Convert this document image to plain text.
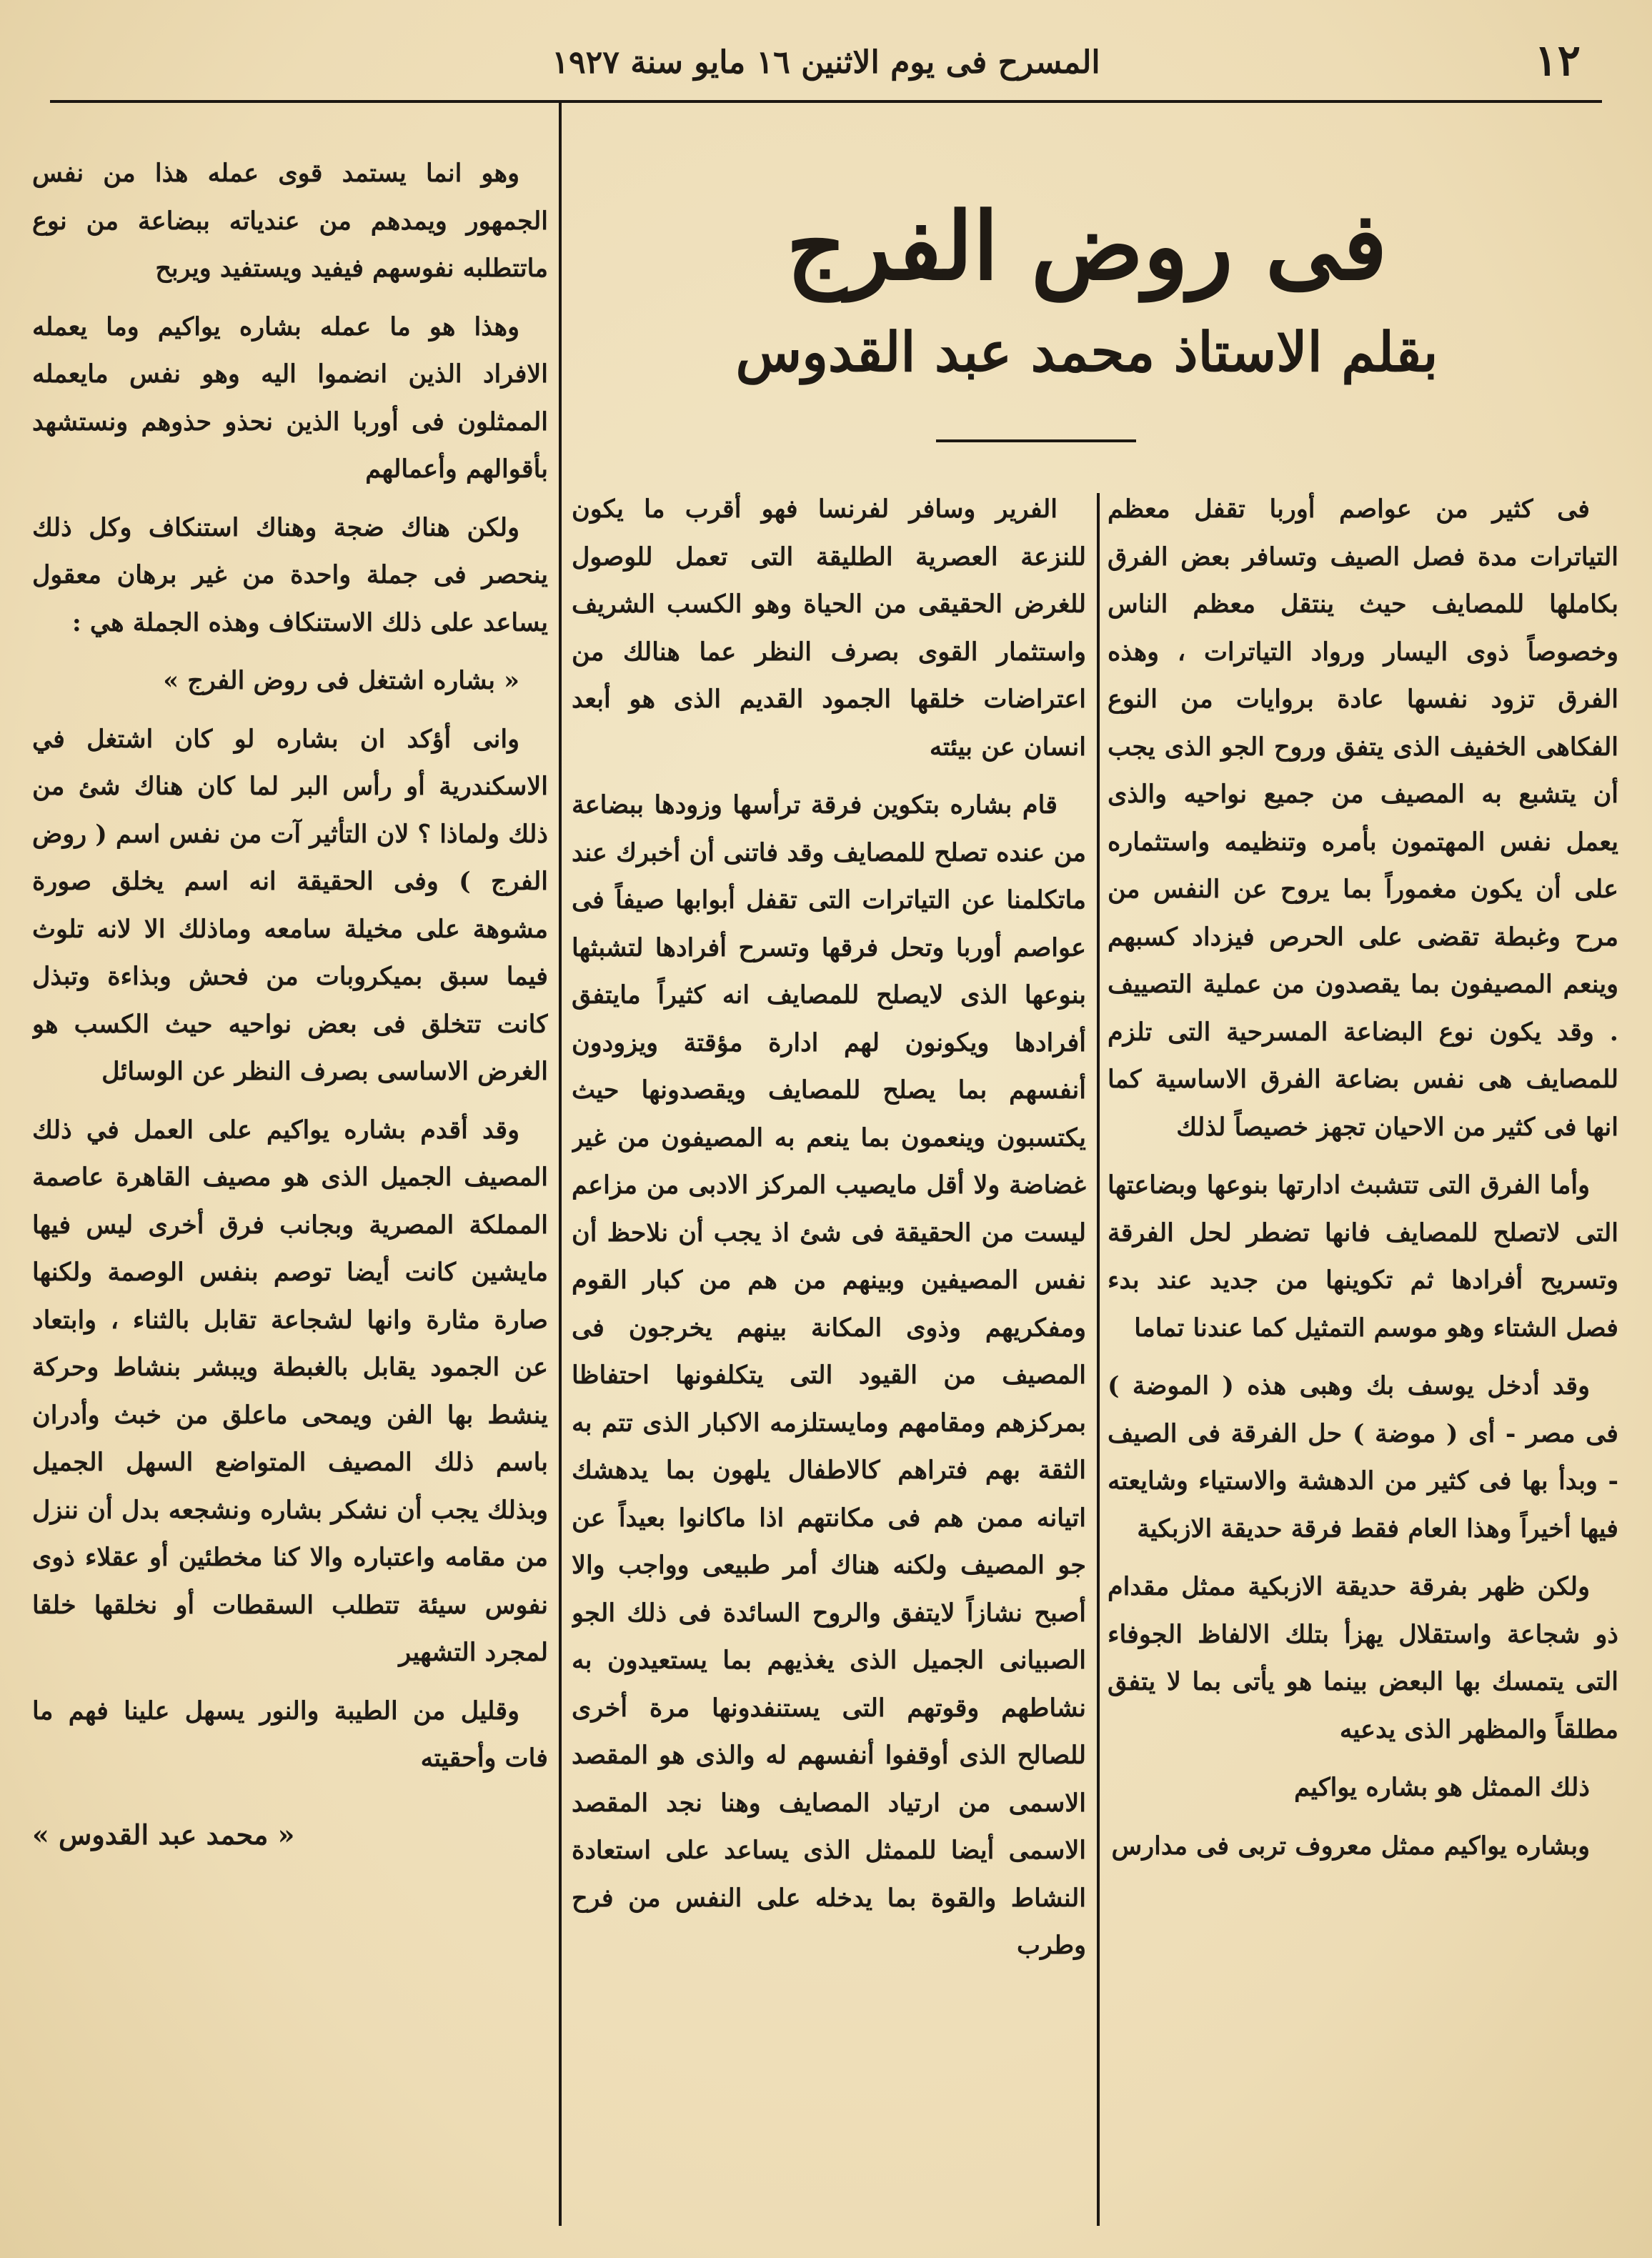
١٢
المسرح فى يوم الاثنين ١٦ مايو سنة ١٩٢٧
فى روض الفرج
بقلم الاستاذ محمد عبد القدوس

فى كثير من عواصم أوربا تقفل معظم التياترات مدة فصل الصيف وتسافر بعض الفرق بكاملها للمصايف حيث ينتقل معظم الناس وخصوصاً ذوى اليسار ورواد التياترات ، وهذه الفرق تزود نفسها عادة بروايات من النوع الفكاهى الخفيف الذى يتفق وروح الجو الذى يجب أن يتشبع به المصيف من جميع نواحيه والذى يعمل نفس المهتمون بأمره وتنظيمه واستثماره على أن يكون مغموراً بما يروح عن النفس من مرح وغبطة تقضى على الحرص فيزداد كسبهم وينعم المصيفون بما يقصدون من عملية التصييف . وقد يكون نوع البضاعة المسرحية التى تلزم للمصايف هى نفس بضاعة الفرق الاساسية كما انها فى كثير من الاحيان تجهز خصيصاً لذلك

وأما الفرق التى تتشبث ادارتها بنوعها وبضاعتها التى لاتصلح للمصايف فانها تضطر لحل الفرقة وتسريح أفرادها ثم تكوينها من جديد عند بدء فصل الشتاء وهو موسم التمثيل كما عندنا تماما

وقد أدخل يوسف بك وهبى هذه ( الموضة ) فى مصر - أى ( موضة ) حل الفرقة فى الصيف - وبدأ بها فى كثير من الدهشة والاستياء وشايعته فيها أخيراً وهذا العام فقط فرقة حديقة الازبكية

ولكن ظهر بفرقة حديقة الازبكية ممثل مقدام ذو شجاعة واستقلال يهزأ بتلك الالفاظ الجوفاء التى يتمسك بها البعض بينما هو يأتى بما لا يتفق مطلقاً والمظهر الذى يدعيه

ذلك الممثل هو بشاره يواكيم

وبشاره يواكيم ممثل معروف تربى فى مدارس

الفرير وسافر لفرنسا فهو أقرب ما يكون للنزعة العصرية الطليقة التى تعمل للوصول للغرض الحقيقى من الحياة وهو الكسب الشريف واستثمار القوى بصرف النظر عما هنالك من اعتراضات خلقها الجمود القديم الذى هو أبعد انسان عن بيئته

قام بشاره بتكوين فرقة ترأسها وزودها ببضاعة من عنده تصلح للمصايف وقد فاتنى أن أخبرك عند ماتكلمنا عن التياترات التى تقفل أبوابها صيفاً فى عواصم أوربا وتحل فرقها وتسرح أفرادها لتشبثها بنوعها الذى لايصلح للمصايف انه كثيراً مايتفق أفرادها ويكونون لهم ادارة مؤقتة ويزودون أنفسهم بما يصلح للمصايف ويقصدونها حيث يكتسبون وينعمون بما ينعم به المصيفون من غير غضاضة ولا أقل مايصيب المركز الادبى من مزاعم ليست من الحقيقة فى شئ اذ يجب أن نلاحظ أن نفس المصيفين وبينهم من هم من كبار القوم ومفكريهم وذوى المكانة بينهم يخرجون فى المصيف من القيود التى يتكلفونها احتفاظا بمركزهم ومقامهم ومايستلزمه الاكبار الذى تتم به الثقة بهم فتراهم كالاطفال يلهون بما يدهشك اتيانه ممن هم فى مكانتهم اذا ماكانوا بعيداً عن جو المصيف ولكنه هناك أمر طبيعى وواجب والا أصبح نشازاً لايتفق والروح السائدة فى ذلك الجو الصبيانى الجميل الذى يغذيهم بما يستعيدون به نشاطهم وقوتهم التى يستنفدونها مرة أخرى للصالح الذى أوقفوا أنفسهم له والذى هو المقصد الاسمى من ارتياد المصايف وهنا نجد المقصد الاسمى أيضا للممثل الذى يساعد على استعادة النشاط والقوة بما يدخله على النفس من فرح وطرب

وهو انما يستمد قوى عمله هذا من نفس الجمهور ويمدهم من عندياته ببضاعة من نوع ماتتطلبه نفوسهم فيفيد ويستفيد ويربح

وهذا هو ما عمله بشاره يواكيم وما يعمله الافراد الذين انضموا اليه وهو نفس مايعمله الممثلون فى أوربا الذين نحذو حذوهم ونستشهد بأقوالهم وأعمالهم

ولكن هناك ضجة وهناك استنكاف وكل ذلك ينحصر فى جملة واحدة من غير برهان معقول يساعد على ذلك الاستنكاف وهذه الجملة هي :

« بشاره اشتغل فى روض الفرج »

وانى أؤكد ان بشاره لو كان اشتغل في الاسكندرية أو رأس البر لما كان هناك شئ من ذلك ولماذا ؟ لان التأثير آت من نفس اسم ( روض الفرج ) وفى الحقيقة انه اسم يخلق صورة مشوهة على مخيلة سامعه وماذلك الا لانه تلوث فيما سبق بميكروبات من فحش وبذاءة وتبذل كانت تتخلق فى بعض نواحيه حيث الكسب هو الغرض الاساسى بصرف النظر عن الوسائل

وقد أقدم بشاره يواكيم على العمل في ذلك المصيف الجميل الذى هو مصيف القاهرة عاصمة المملكة المصرية وبجانب فرق أخرى ليس فيها مايشين كانت أيضا توصم بنفس الوصمة ولكنها صارة مثارة وانها لشجاعة تقابل بالثناء ، وابتعاد عن الجمود يقابل بالغبطة ويبشر بنشاط وحركة ينشط بها الفن ويمحى ماعلق من خبث وأدران باسم ذلك المصيف المتواضع السهل الجميل وبذلك يجب أن نشكر بشاره ونشجعه بدل أن ننزل من مقامه واعتباره والا كنا مخطئين أو عقلاء ذوى نفوس سيئة تتطلب السقطات أو نخلقها خلقا لمجرد التشهير

وقليل من الطيبة والنور يسهل علينا فهم ما فات وأحقيته

« محمد عبد القدوس »
